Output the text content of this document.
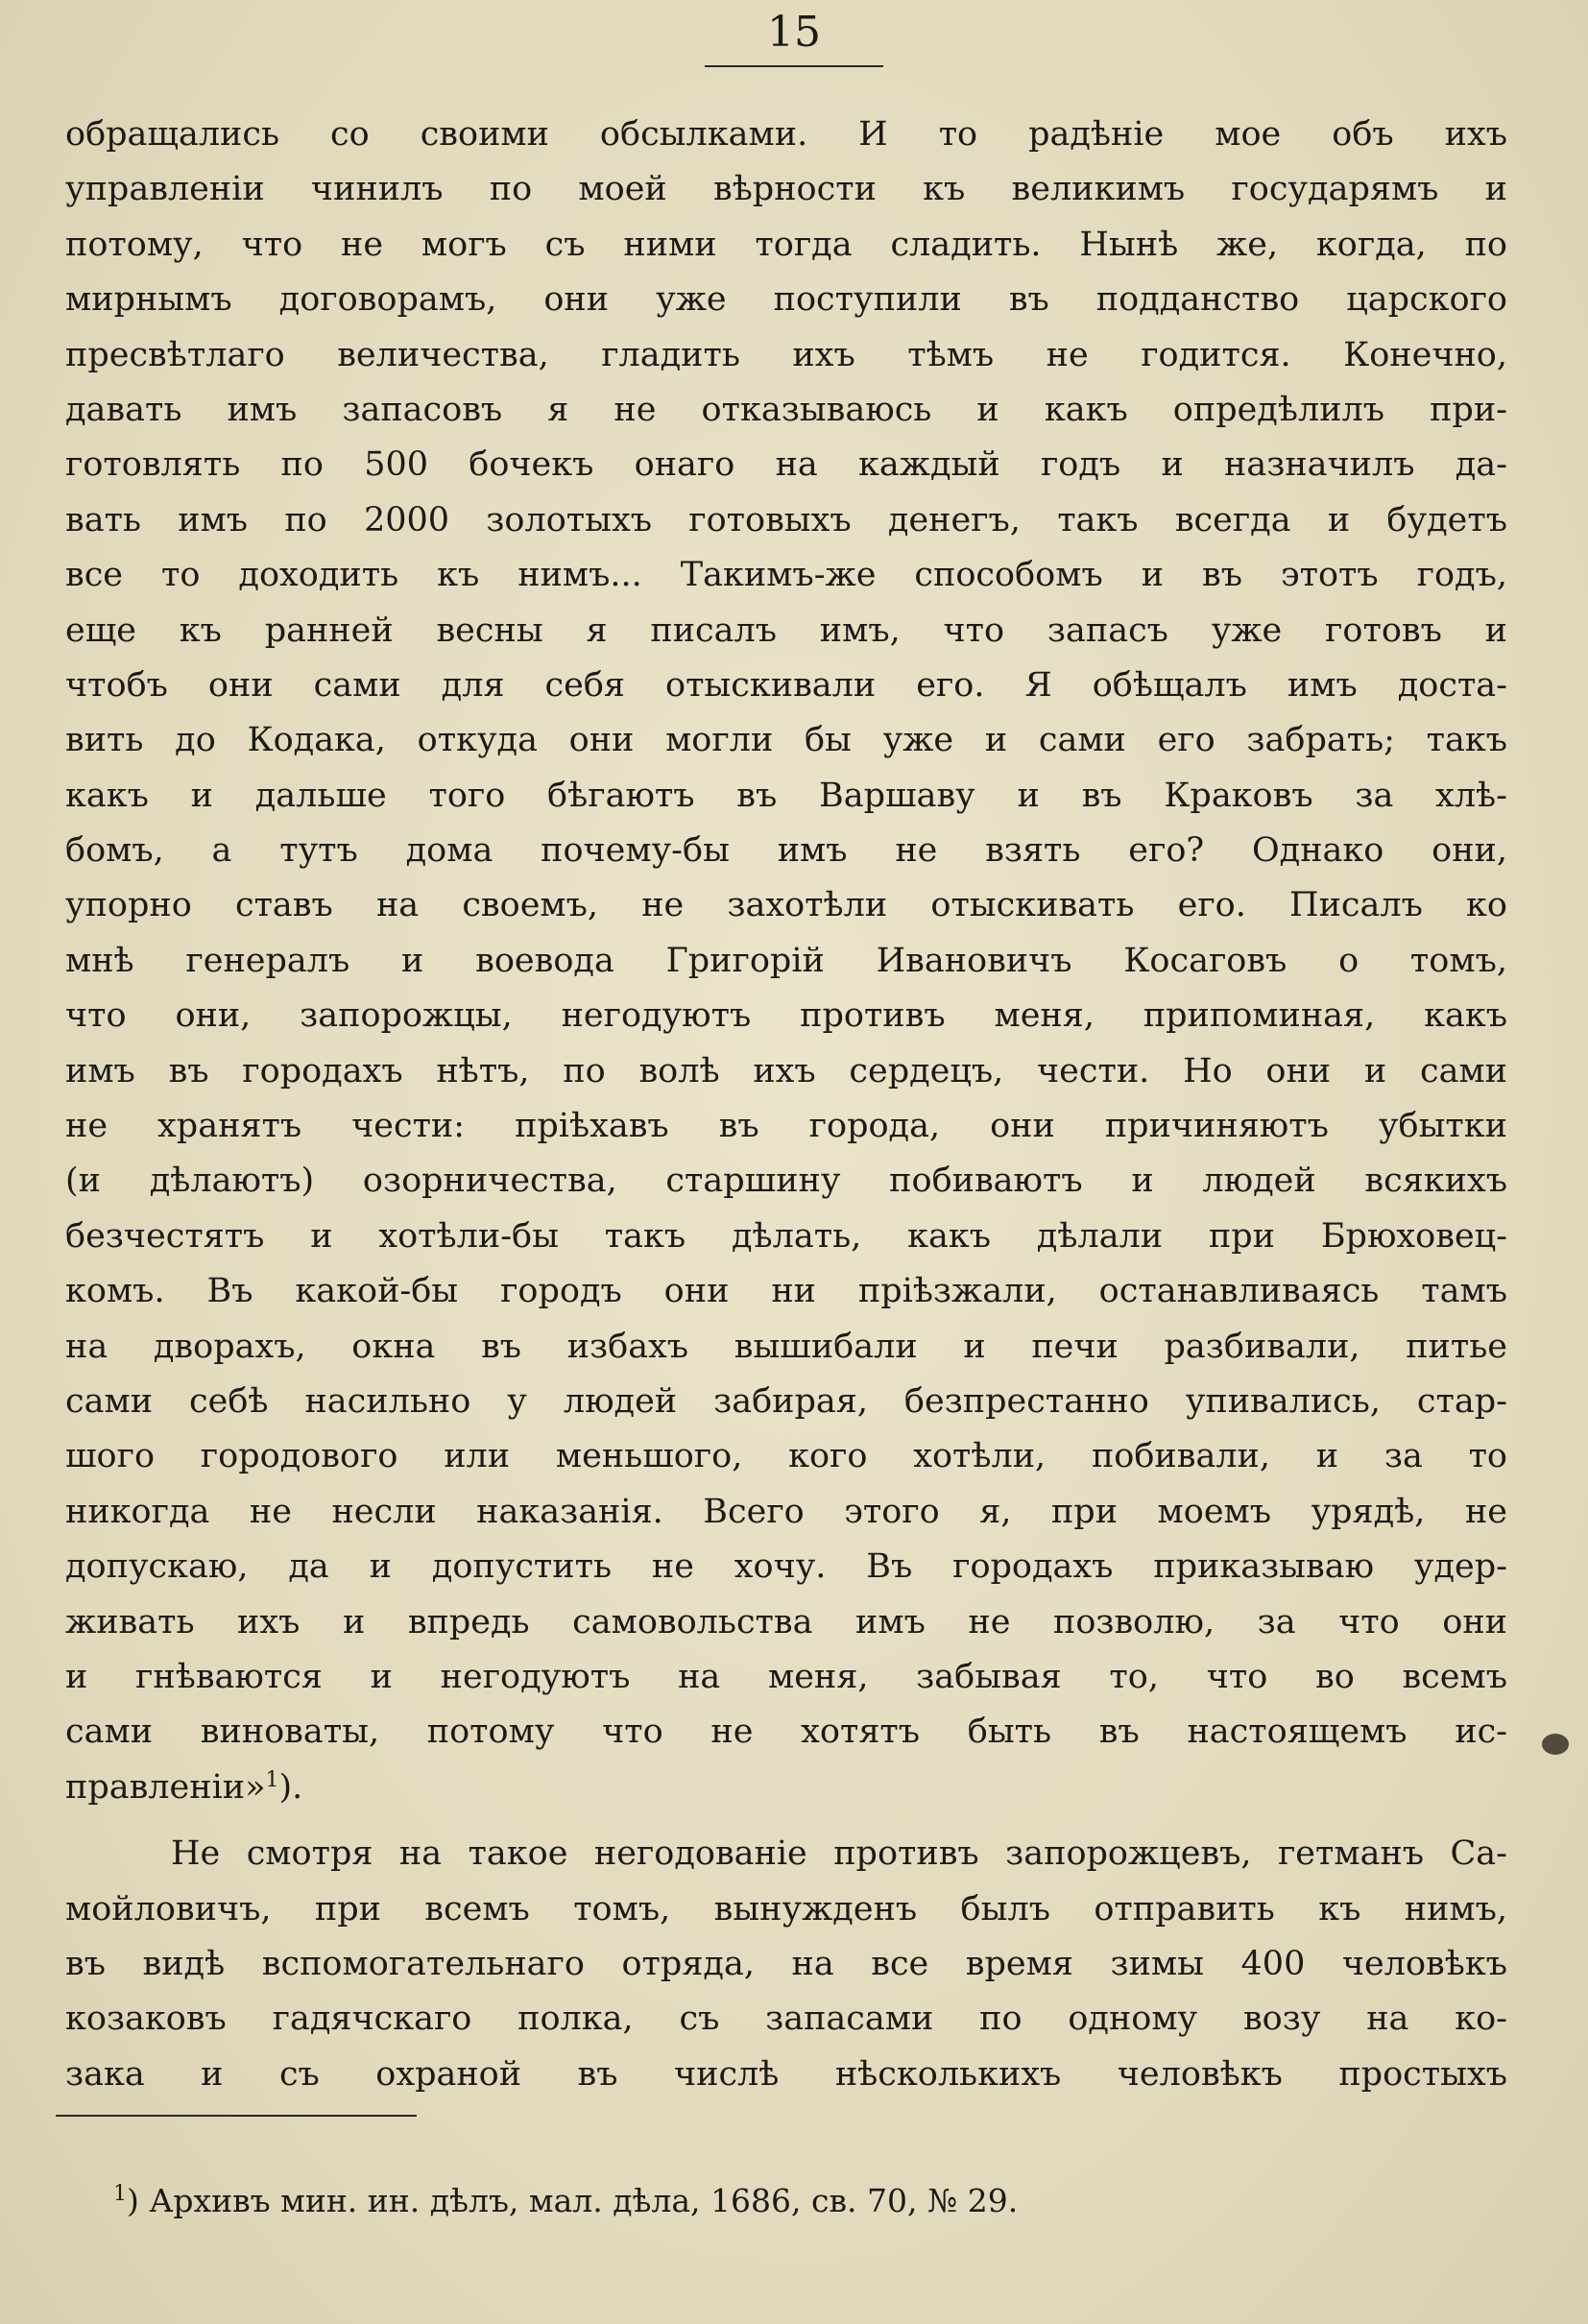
15
обращались со своими обсылками. И то радѣніе мое объ ихъ
управленіи чинилъ по моей вѣрности къ великимъ государямъ и
потому, что не могъ съ ними тогда сладить. Нынѣ же, когда, по
мирнымъ договорамъ, они уже поступили въ подданство царского
пресвѣтлаго величества, гладить ихъ тѣмъ не годится. Конечно,
давать имъ запасовъ я не отказываюсь и какъ опредѣлилъ при-
готовлять по 500 бочекъ онаго на каждый годъ и назначилъ да-
вать имъ по 2000 золотыхъ готовыхъ денегъ, такъ всегда и будетъ
все то доходить къ нимъ... Такимъ-же способомъ и въ этотъ годъ,
еще къ ранней весны я писалъ имъ, что запасъ уже готовъ и
чтобъ они сами для себя отыскивали его. Я обѣщалъ имъ доста-
вить до Кодака, откуда они могли бы уже и сами его забрать; такъ
какъ и дальше того бѣгаютъ въ Варшаву и въ Краковъ за хлѣ-
бомъ, а тутъ дома почему-бы имъ не взять его? Однако они,
упорно ставъ на своемъ, не захотѣли отыскивать его. Писалъ ко
мнѣ генералъ и воевода Григорій Ивановичъ Косаговъ о томъ,
что они, запорожцы, негодуютъ противъ меня, припоминая, какъ
имъ въ городахъ нѣтъ, по волѣ ихъ сердецъ, чести. Но они и сами
не хранятъ чести: пріѣхавъ въ города, они причиняютъ убытки
(и дѣлаютъ) озорничества, старшину побиваютъ и людей всякихъ
безчестятъ и хотѣли-бы такъ дѣлать, какъ дѣлали при Брюховец-
комъ. Въ какой-бы городъ они ни пріѣзжали, останавливаясь тамъ
на дворахъ, окна въ избахъ вышибали и печи разбивали, питье
сами себѣ насильно у людей забирая, безпрестанно упивались, стар-
шого городового или меньшого, кого хотѣли, побивали, и за то
никогда не несли наказанія. Всего этого я, при моемъ урядѣ, не
допускаю, да и допустить не хочу. Въ городахъ приказываю удер-
живать ихъ и впредь самовольства имъ не позволю, за что они
и гнѣваются и негодуютъ на меня, забывая то, что во всемъ
сами виноваты, потому что не хотятъ быть въ настоящемъ ис-
правленіи»$^1$).
Не смотря на такое негодованіе противъ запорожцевъ, гетманъ Са-
мойловичъ, при всемъ томъ, вынужденъ былъ отправить къ нимъ,
въ видѣ вспомогательнаго отряда, на все время зимы 400 человѣкъ
козаковъ гадячскаго полка, съ запасами по одному возу на ко-
зака и съ охраной въ числѣ нѣсколькихъ человѣкъ простыхъ
$^1$) Архивъ мин. ин. дѣлъ, мал. дѣла, 1686, св. 70, № 29.
